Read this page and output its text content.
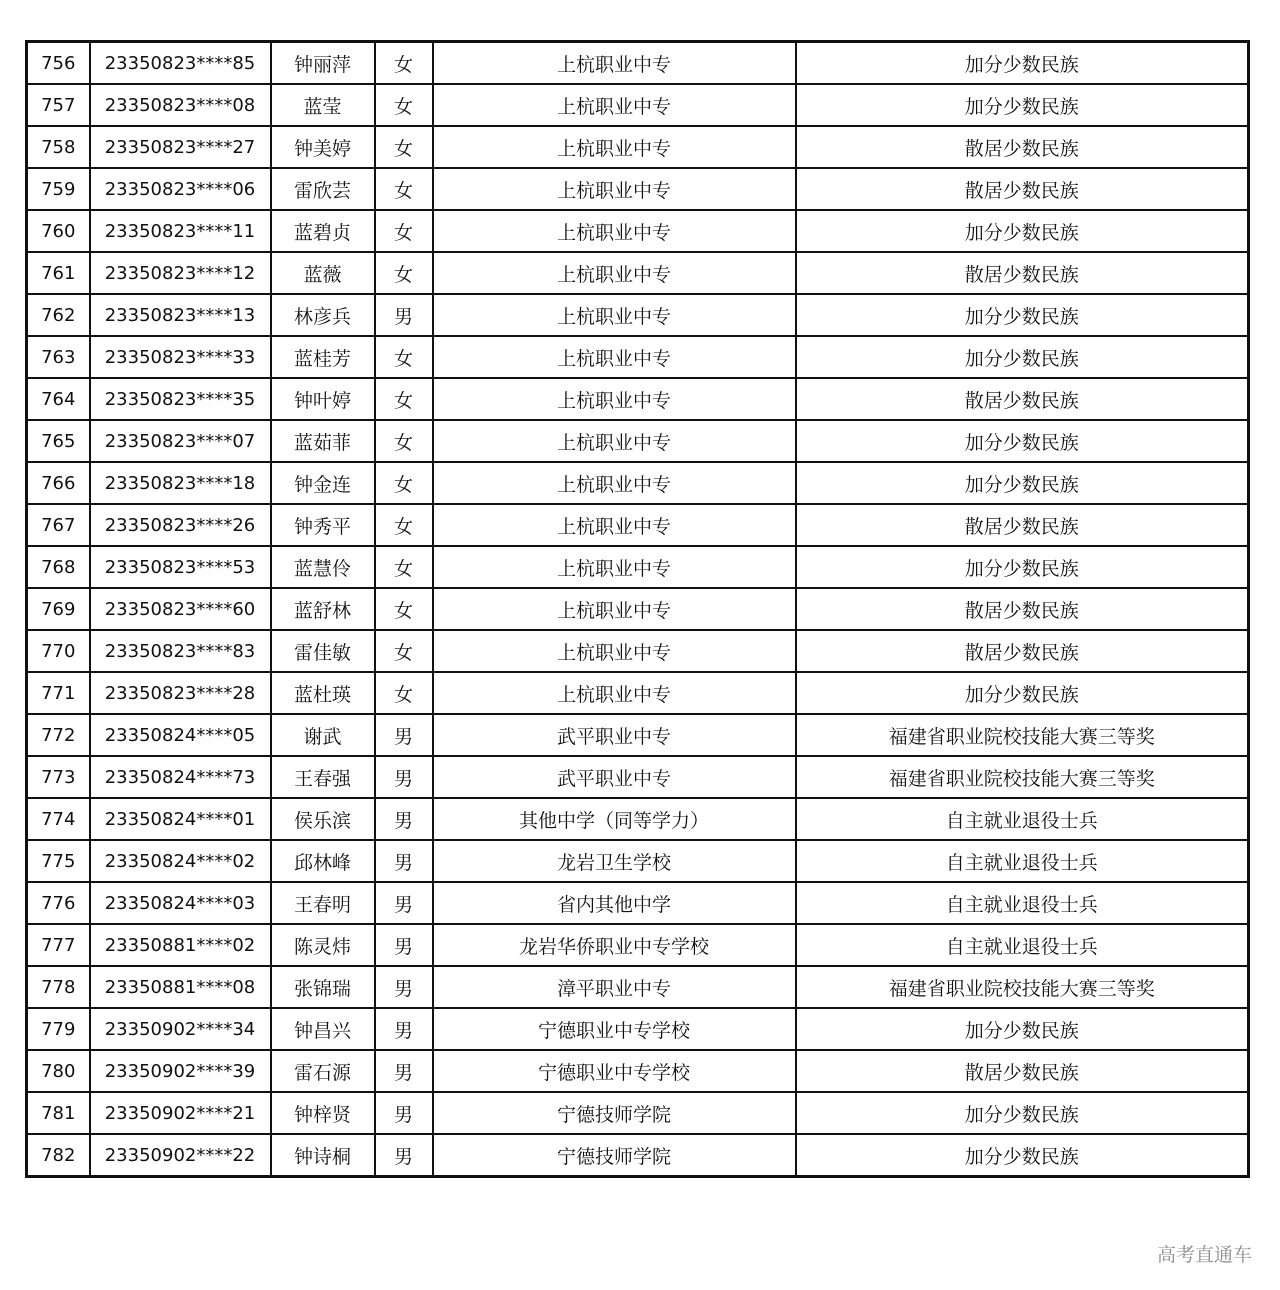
756	23350823****85	钟丽萍	女	上杭职业中专	加分少数民族
757	23350823****08	蓝莹	女	上杭职业中专	加分少数民族
758	23350823****27	钟美婷	女	上杭职业中专	散居少数民族
759	23350823****06	雷欣芸	女	上杭职业中专	散居少数民族
760	23350823****11	蓝碧贞	女	上杭职业中专	加分少数民族
761	23350823****12	蓝薇	女	上杭职业中专	散居少数民族
762	23350823****13	林彦兵	男	上杭职业中专	加分少数民族
763	23350823****33	蓝桂芳	女	上杭职业中专	加分少数民族
764	23350823****35	钟叶婷	女	上杭职业中专	散居少数民族
765	23350823****07	蓝茹菲	女	上杭职业中专	加分少数民族
766	23350823****18	钟金连	女	上杭职业中专	加分少数民族
767	23350823****26	钟秀平	女	上杭职业中专	散居少数民族
768	23350823****53	蓝慧伶	女	上杭职业中专	加分少数民族
769	23350823****60	蓝舒林	女	上杭职业中专	散居少数民族
770	23350823****83	雷佳敏	女	上杭职业中专	散居少数民族
771	23350823****28	蓝杜瑛	女	上杭职业中专	加分少数民族
772	23350824****05	谢武	男	武平职业中专	福建省职业院校技能大赛三等奖
773	23350824****73	王春强	男	武平职业中专	福建省职业院校技能大赛三等奖
774	23350824****01	侯乐滨	男	其他中学（同等学力）	自主就业退役士兵
775	23350824****02	邱林峰	男	龙岩卫生学校	自主就业退役士兵
776	23350824****03	王春明	男	省内其他中学	自主就业退役士兵
777	23350881****02	陈灵炜	男	龙岩华侨职业中专学校	自主就业退役士兵
778	23350881****08	张锦瑞	男	漳平职业中专	福建省职业院校技能大赛三等奖
779	23350902****34	钟昌兴	男	宁德职业中专学校	加分少数民族
780	23350902****39	雷石源	男	宁德职业中专学校	散居少数民族
781	23350902****21	钟梓贤	男	宁德技师学院	加分少数民族
782	23350902****22	钟诗桐	男	宁德技师学院	加分少数民族
高考直通车
